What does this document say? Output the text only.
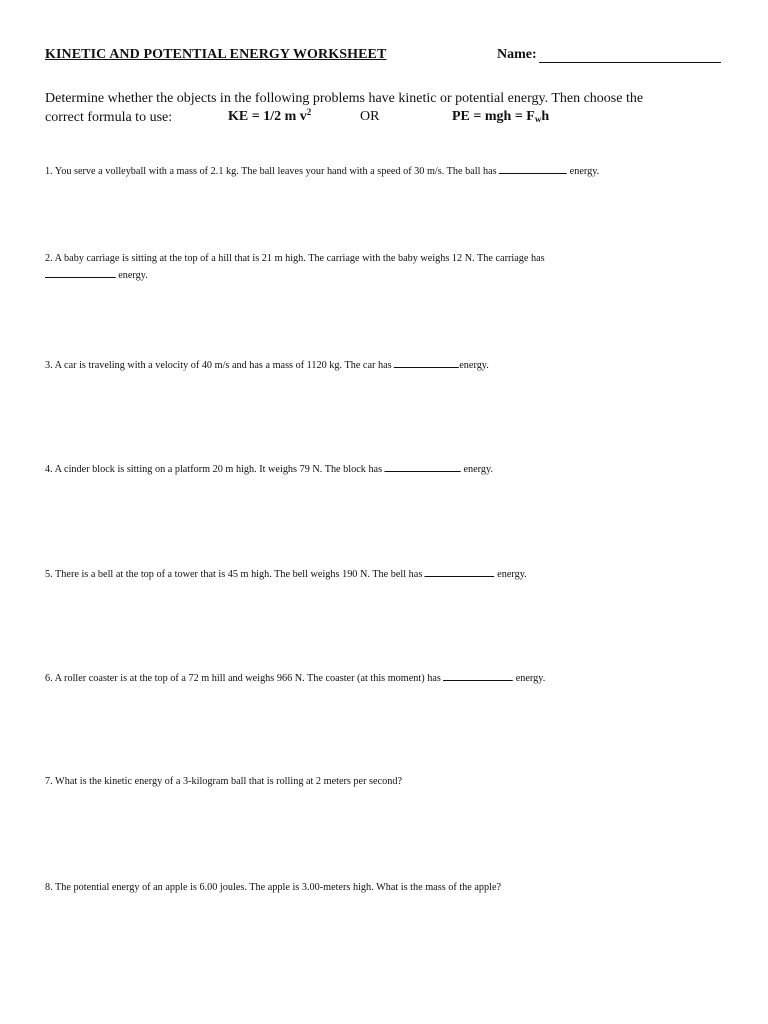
KINETIC AND POTENTIAL ENERGY WORKSHEET	Name:
Determine whether the objects in the following problems have kinetic or potential energy. Then choose the
correct formula to use:	KE = 1/2 m $v^2$	OR	PE = mgh = $F_wh$
1. You serve a volleyball with a mass of 2.1 kg. The ball leaves your hand with a speed of 30 m/s. The ball has	energy.
2. A baby carriage is sitting at the top of a hill that is 21 m high. The carriage with the baby weighs 12 N. The carriage has
energy.
3. A car is traveling with a velocity of 40 m/s and has a mass of 1120 kg. The car has	energy.
4. A cinder block is sitting on a platform 20 m high. It weighs 79 N. The block has	energy.
5. There is a bell at the top of a tower that is 45 m high. The bell weighs 190 N. The bell has	energy.
6. A roller coaster is at the top of a 72 m hill and weighs 966 N. The coaster (at this moment) has	energy.
7. What is the kinetic energy of a 3-kilogram ball that is rolling at 2 meters per second?
8. The potential energy of an apple is 6.00 joules. The apple is 3.00-meters high. What is the mass of the apple?
